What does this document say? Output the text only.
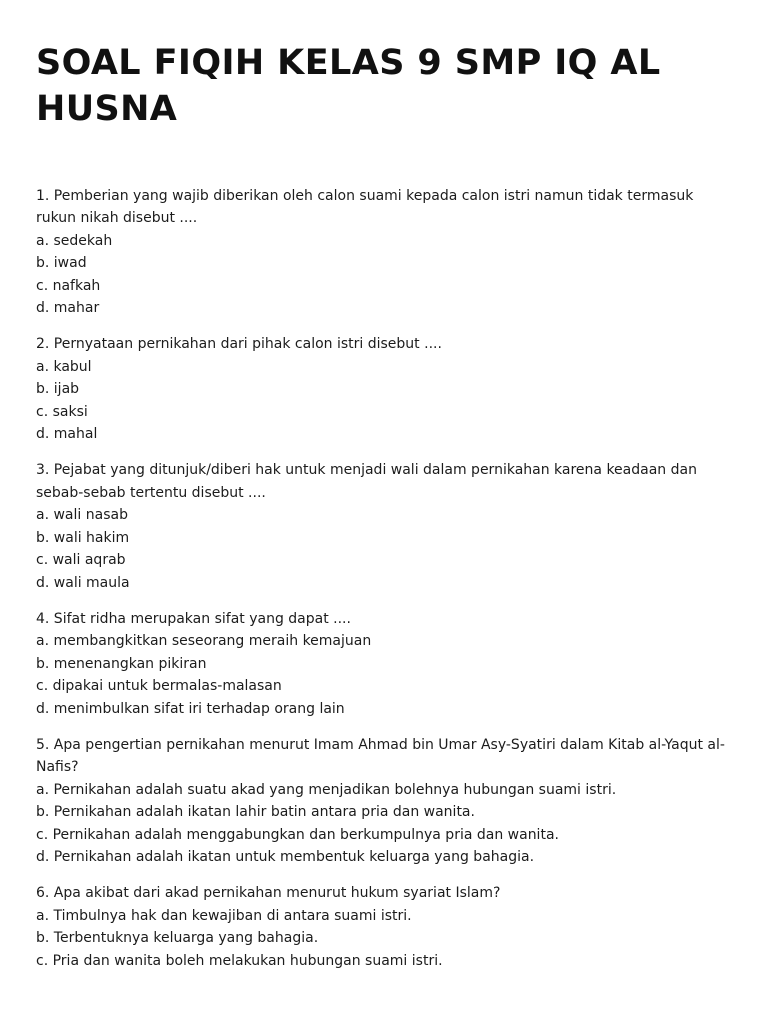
SOAL FIQIH KELAS 9 SMP IQ AL HUSNA
1. Pemberian yang wajib diberikan oleh calon suami kepada calon istri namun tidak termasuk rukun nikah disebut ....
a. sedekah
b. iwad
c. nafkah
d. mahar
2. Pernyataan pernikahan dari pihak calon istri disebut ....
a. kabul
b. ijab
c. saksi
d. mahal
3. Pejabat yang ditunjuk/diberi hak untuk menjadi wali dalam pernikahan karena keadaan dan sebab-sebab tertentu disebut ....
a. wali nasab
b. wali hakim
c. wali aqrab
d. wali maula
4. Sifat ridha merupakan sifat yang dapat ....
a. membangkitkan seseorang meraih kemajuan
b. menenangkan pikiran
c. dipakai untuk bermalas-malasan
d. menimbulkan sifat iri terhadap orang lain
5. Apa pengertian pernikahan menurut Imam Ahmad bin Umar Asy-Syatiri dalam Kitab al-Yaqut al-Nafis?
a. Pernikahan adalah suatu akad yang menjadikan bolehnya hubungan suami istri.
b. Pernikahan adalah ikatan lahir batin antara pria dan wanita.
c. Pernikahan adalah menggabungkan dan berkumpulnya pria dan wanita.
d. Pernikahan adalah ikatan untuk membentuk keluarga yang bahagia.
6. Apa akibat dari akad pernikahan menurut hukum syariat Islam?
a. Timbulnya hak dan kewajiban di antara suami istri.
b. Terbentuknya keluarga yang bahagia.
c. Pria dan wanita boleh melakukan hubungan suami istri.
